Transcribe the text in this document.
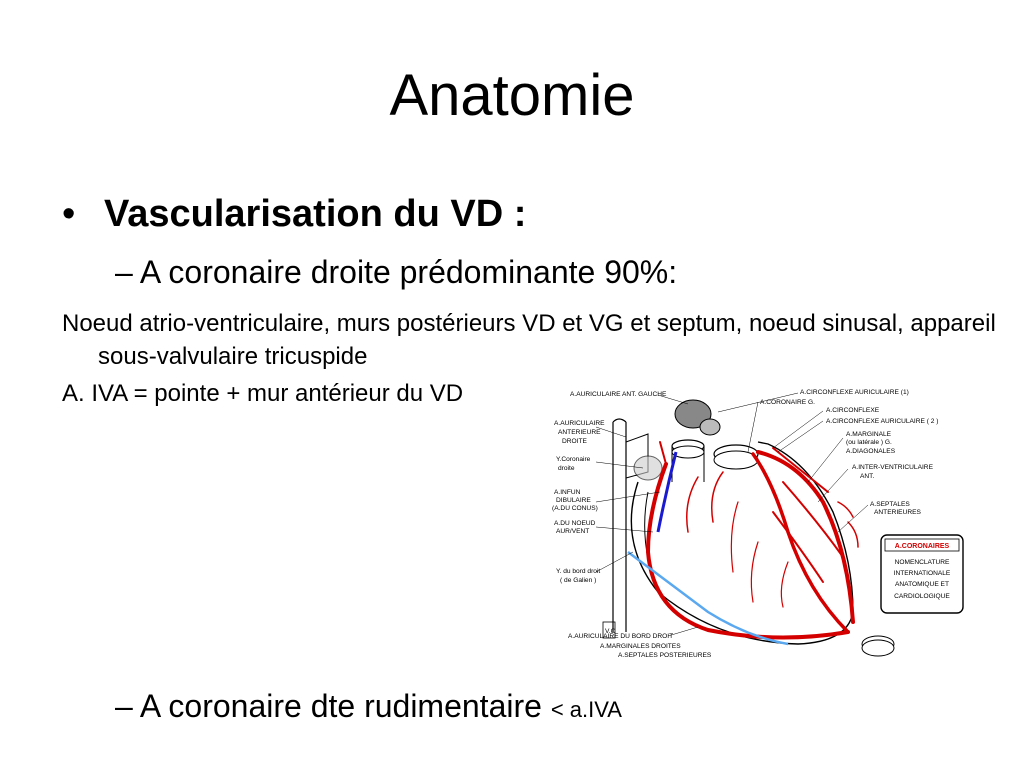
Anatomie
• Vascularisation du VD :
– A coronaire droite prédominante 90%:
Noeud atrio-ventriculaire, murs postérieurs VD et VG et septum, noeud sinusal, appareil sous-valvulaire tricuspide
A. IVA = pointe + mur antérieur du VD
– A coronaire dte rudimentaire < a.IVA
V.C
A.AURICULAIRE ANT. GAUCHE
A.AURICULAIRE
ANTERIEURE
DROITE
Y.Coronaire
droite
A.INFUN
DIBULAIRE
(A.DU CONUS)
A.DU NOEUD
AUR/VENT
Y. du bord droit
( de Galien )
A.AURICULAIRE DU BORD DROIT
A.MARGINALES DROITES
A.SEPTALES POSTERIEURES
A.CIRCONFLEXE AURICULAIRE (1)
A.CORONAIRE G.
A.CIRCONFLEXE
A.CIRCONFLEXE AURICULAIRE ( 2 )
A.MARGINALE
(ou latérale ) G.
A.DIAGONALES
A.INTER-VENTRICULAIRE
ANT.
A.SEPTALES
ANTERIEURES
A.CORONAIRES
NOMENCLATURE
INTERNATIONALE
ANATOMIQUE ET
CARDIOLOGIQUE
